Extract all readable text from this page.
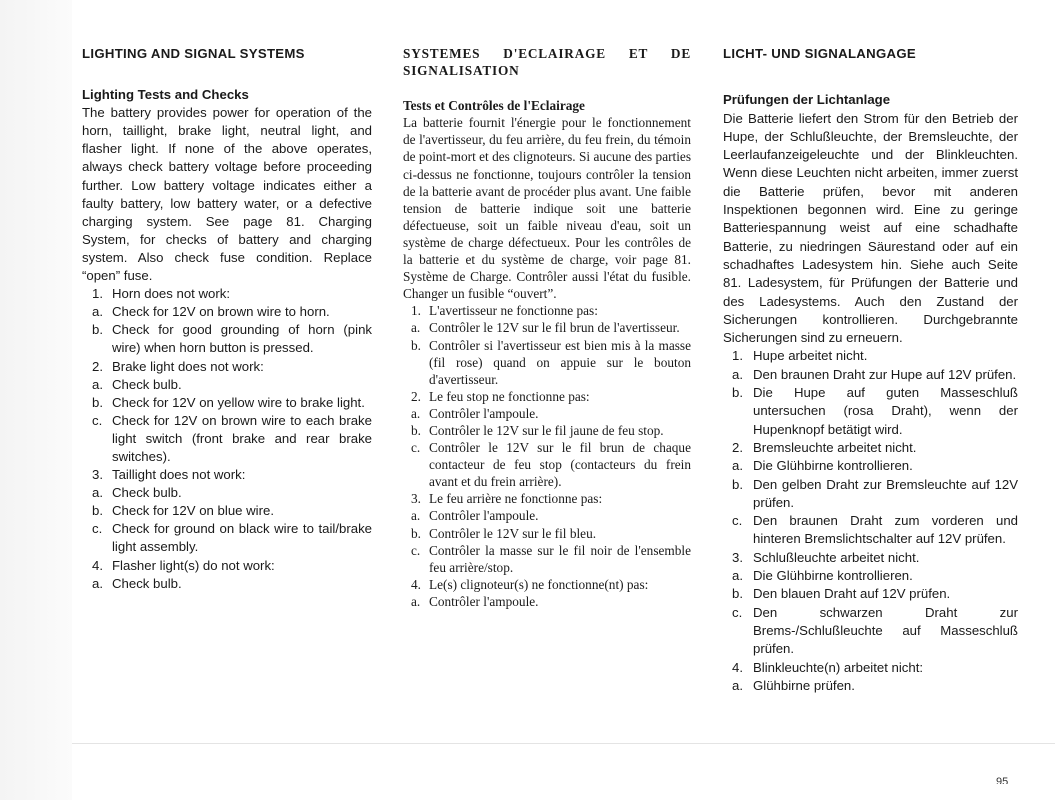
LIGHTING AND SIGNAL SYSTEMS
Lighting Tests and Checks

The battery provides power for operation of the horn, taillight, brake light, neutral light, and flasher light. If none of the above operates, always check battery voltage before proceeding further. Low battery voltage indicates either a faulty battery, low battery water, or a defective charging system. See page 81. Charging System, for checks of battery and charging system. Also check fuse condition. Replace “open” fuse.

1. Horn does not work:
a. Check for 12V on brown wire to horn.
b. Check for good grounding of horn (pink wire) when horn button is pressed.
2. Brake light does not work:
a. Check bulb.
b. Check for 12V on yellow wire to brake light.
c. Check for 12V on brown wire to each brake light switch (front brake and rear brake switches).
3. Taillight does not work:
a. Check bulb.
b. Check for 12V on blue wire.
c. Check for ground on black wire to tail/brake light assembly.
4. Flasher light(s) do not work:
a. Check bulb.
SYSTEMES D'ECLAIRAGE ET DE SIGNALISATION
Tests et Contrôles de l'Eclairage

La batterie fournit l'énergie pour le fonctionnement de l'avertisseur, du feu arrière, du feu frein, du témoin de point-mort et des clignoteurs. Si aucune des parties ci-dessus ne fonctionne, toujours contrôler la tension de la batterie avant de procéder plus avant. Une faible tension de batterie indique soit une batterie défectueuse, soit un faible niveau d'eau, soit un système de charge défectueux. Pour les contrôles de la batterie et du système de charge, voir page 81. Système de Charge. Contrôler aussi l'état du fusible. Changer un fusible “ouvert”.

1. L'avertisseur ne fonctionne pas:
a. Contrôler le 12V sur le fil brun de l'avertisseur.
b. Contrôler si l'avertisseur est bien mis à la masse (fil rose) quand on appuie sur le bouton d'avertisseur.
2. Le feu stop ne fonctionne pas:
a. Contrôler l'ampoule.
b. Contrôler le 12V sur le fil jaune de feu stop.
c. Contrôler le 12V sur le fil brun de chaque contacteur de feu stop (contacteurs du frein avant et du frein arrière).
3. Le feu arrière ne fonctionne pas:
a. Contrôler l'ampoule.
b. Contrôler le 12V sur le fil bleu.
c. Contrôler la masse sur le fil noir de l'ensemble feu arrière/stop.
4. Le(s) clignoteur(s) ne fonctionne(nt) pas:
a. Contrôler l'ampoule.
LICHT- UND SIGNALANGAGE
Prüfungen der Lichtanlage

Die Batterie liefert den Strom für den Betrieb der Hupe, der Schlußleuchte, der Bremsleuchte, der Leerlaufanzeigeleuchte und der Blinkleuchten. Wenn diese Leuchten nicht arbeiten, immer zuerst die Batterie prüfen, bevor mit anderen Inspektionen begonnen wird. Eine zu geringe Batteriespannung weist auf eine schadhafte Batterie, zu niedringen Säurestand oder auf ein schadhaftes Ladesystem hin. Siehe auch Seite 81. Ladesystem, für Prüfungen der Batterie und des Ladesystems. Auch den Zustand der Sicherungen kontrollieren. Durchgebrannte Sicherungen sind zu erneuern.

1. Hupe arbeitet nicht.
a. Den braunen Draht zur Hupe auf 12V prüfen.
b. Die Hupe auf guten Masseschluß untersuchen (rosa Draht), wenn der Hupenknopf betätigt wird.
2. Bremsleuchte arbeitet nicht.
a. Die Glühbirne kontrollieren.
b. Den gelben Draht zur Bremsleuchte auf 12V prüfen.
c. Den braunen Draht zum vorderen und hinteren Bremslichtschalter auf 12V prüfen.
3. Schlußleuchte arbeitet nicht.
a. Die Glühbirne kontrollieren.
b. Den blauen Draht auf 12V prüfen.
c. Den schwarzen Draht zur Brems-/Schlußleuchte auf Masseschluß prüfen.
4. Blinkleuchte(n) arbeitet nicht:
a. Glühbirne prüfen.
95
